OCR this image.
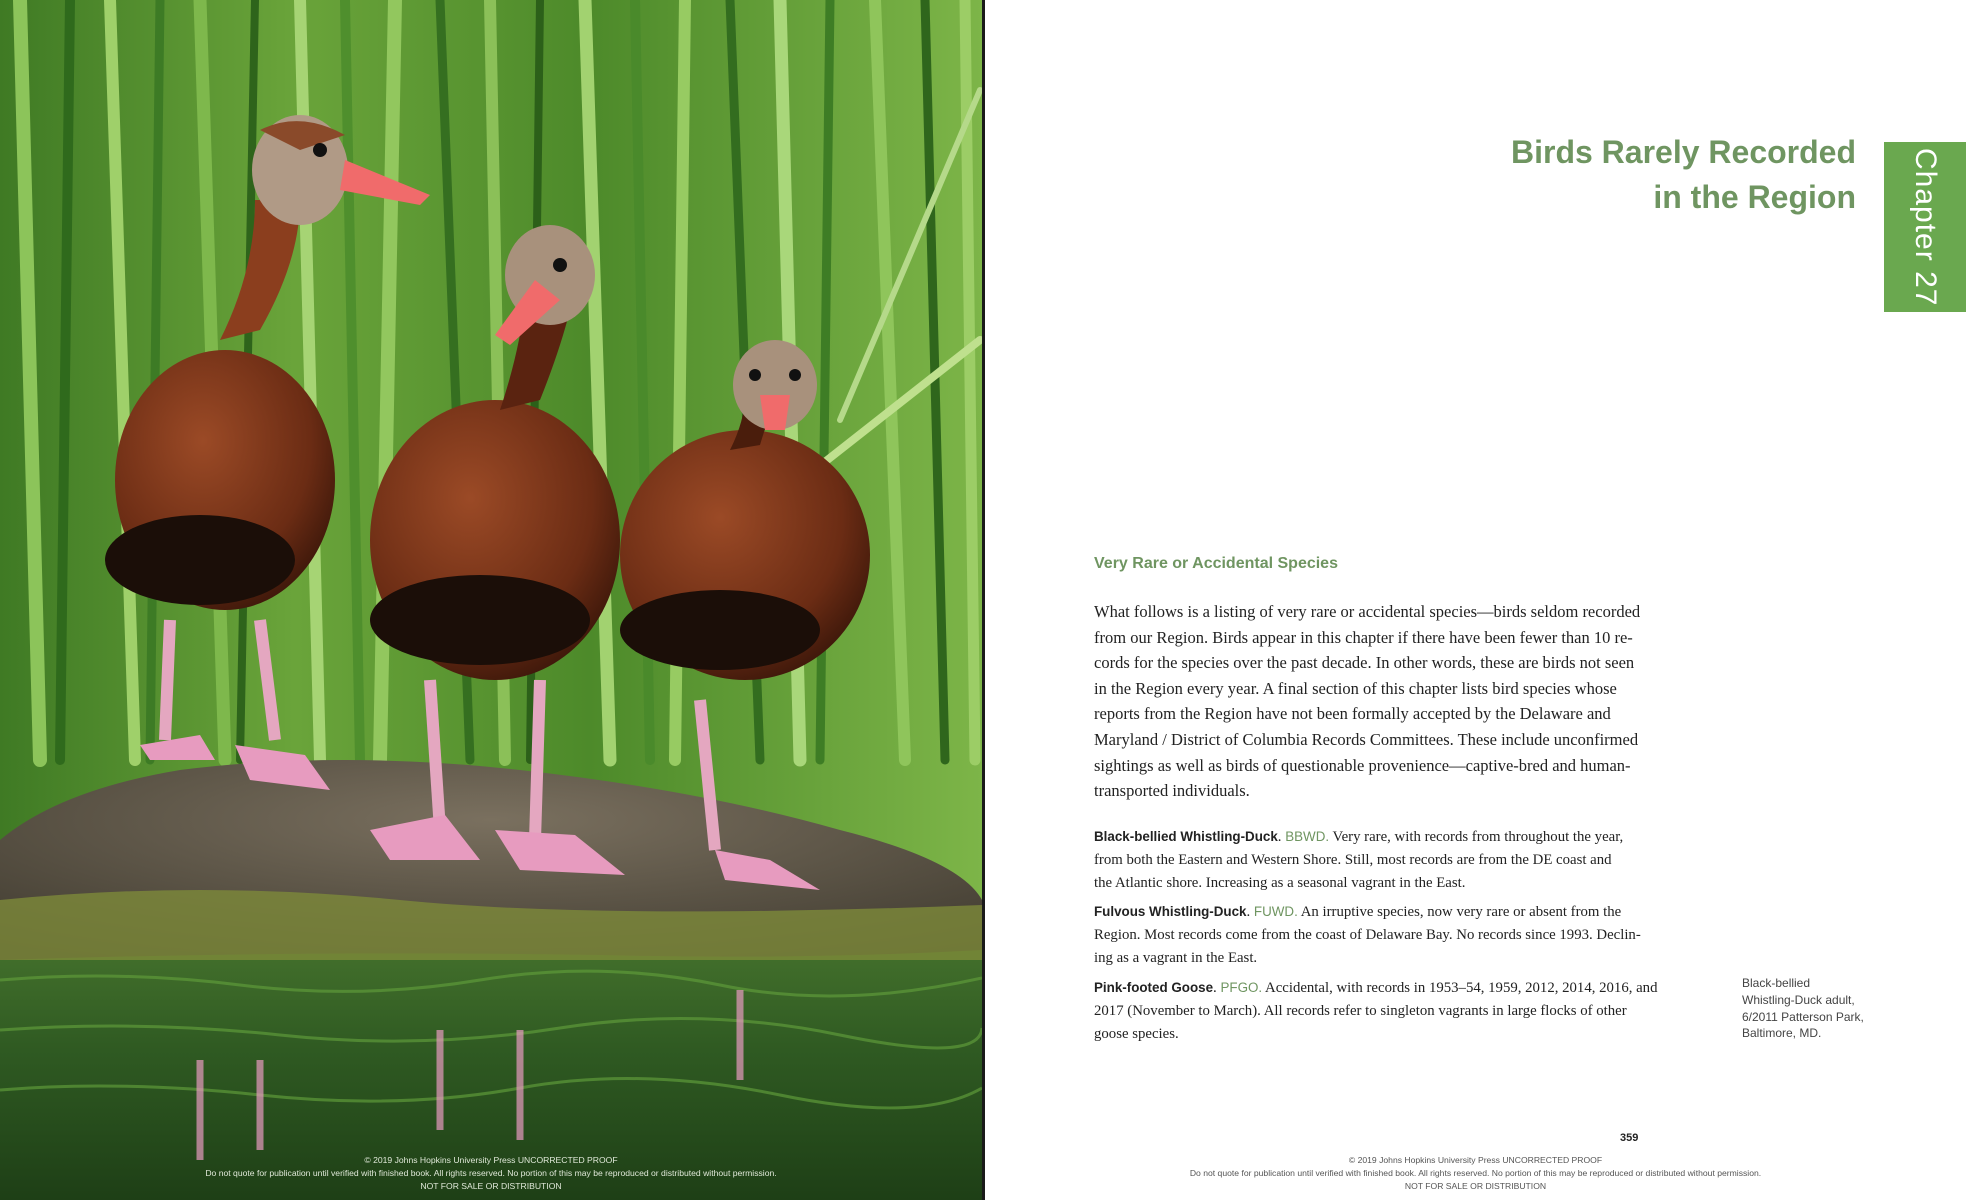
© 2019 Johns Hopkins University Press UNCORRECTED PROOF
Do not quote for publication until verified with finished book. All rights reserved. No portion of this may be reproduced or distributed without permission.
NOT FOR SALE OR DISTRIBUTION
Birds Rarely Recorded
in the Region	Chapter 27
Very Rare or Accidental Species
What follows is a listing of very rare or accidental species—birds seldom recorded
from our Region. Birds appear in this chapter if there have been fewer than 10 re-
cords for the species over the past decade. In other words, these are birds not seen
in the Region every year. A final section of this chapter lists bird species whose
reports from the Region have not been formally accepted by the Delaware and
Maryland / District of Columbia Records Committees. These include unconfirmed
sightings as well as birds of questionable provenience—captive-bred and human-
transported individuals.
Black-bellied Whistling-Duck. BBWD. Very rare, with records from throughout the year,
from both the Eastern and Western Shore. Still, most records are from the DE coast and
the Atlantic shore. Increasing as a seasonal vagrant in the East.
Fulvous Whistling-Duck. FUWD. An irruptive species, now very rare or absent from the
Region. Most records come from the coast of Delaware Bay. No records since 1993. Declin-
ing as a vagrant in the East.
Pink-footed Goose. PFGO. Accidental, with records in 1953–54, 1959, 2012, 2014, 2016, and
2017 (November to March). All records refer to singleton vagrants in large flocks of other
goose species.
Black-bellied
Whistling-Duck adult,
6/2011 Patterson Park,
Baltimore, MD.
359
© 2019 Johns Hopkins University Press UNCORRECTED PROOF
Do not quote for publication until verified with finished book. All rights reserved. No portion of this may be reproduced or distributed without permission.
NOT FOR SALE OR DISTRIBUTION
